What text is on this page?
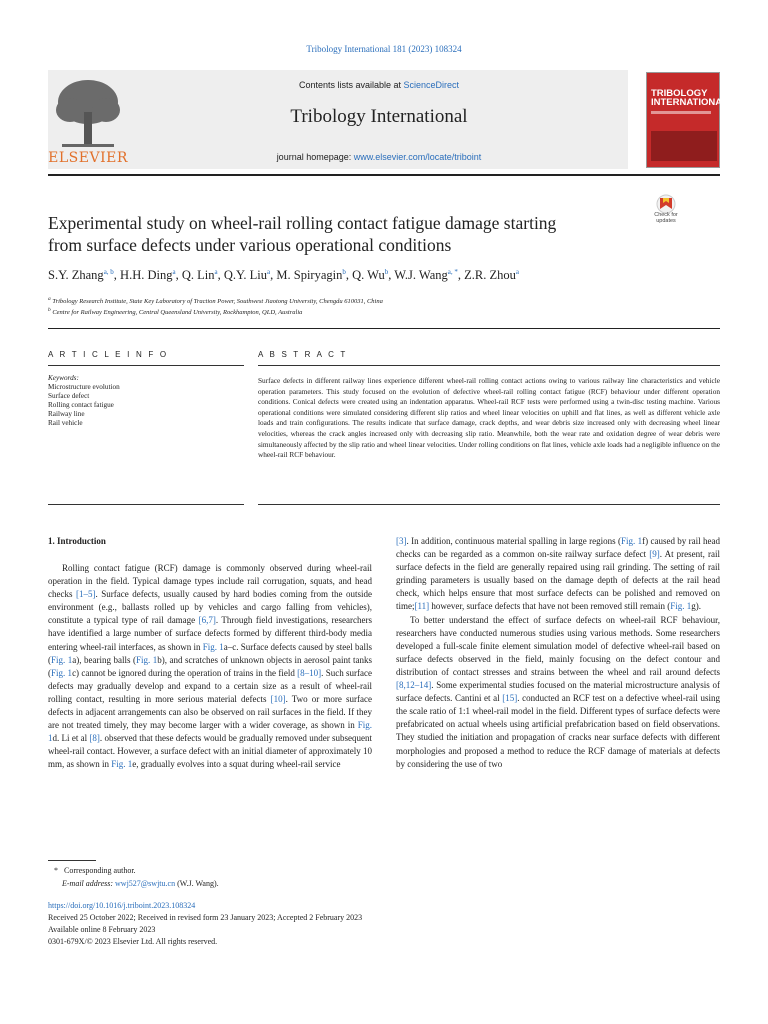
Tribology International 181 (2023) 108324
ELSEVIER
Contents lists available at ScienceDirect
Tribology International
journal homepage: www.elsevier.com/locate/triboint
TRIBOLOGY
INTERNATIONAL
Experimental study on wheel-rail rolling contact fatigue damage starting
from surface defects under various operational conditions
Check for
updates
S.Y. Zhang$^{a, b}$, H.H. Ding$^a$, Q. Lin$^a$, Q.Y. Liu$^a$, M. Spiryagin$^b$, Q. Wu$^b$, W.J. Wang$^{a, *}$, Z.R. Zhou$^a$
$^a$ Tribology Research Institute, State Key Laboratory of Traction Power, Southwest Jiaotong University, Chengdu 610031, China
$^b$ Centre for Railway Engineering, Central Queensland University, Rockhampton, QLD, Australia
A R T I C L E I N F O	A B S T R A C T
Keywords:
Microstructure evolution
Surface defect
Rolling contact fatigue
Railway line
Rail vehicle
Surface defects in different railway lines experience different wheel-rail rolling contact actions owing to various railway line characteristics and vehicle operation parameters. This study focused on the evolution of defective wheel-rail rolling contact fatigue (RCF) behaviour under different operation conditions. Conical defects were created using an indentation apparatus. Wheel-rail RCF tests were performed using a twin-disc testing machine. Various operational conditions were simulated considering different slip ratios and wheel linear velocities on uphill and flat lines, as well as different vehicle axle loads and train configurations. The results indicate that surface damage, crack depths, and wear debris size increased only with decreasing wheel linear velocities, whereas the crack angles increased only with decreasing slip ratio. Meanwhile, both the wear rate and oxidation degree of wear debris were simultaneously affected by the slip ratio and wheel linear velocities. Under rolling conditions on flat lines, vehicle axle loads had a negligible influence on the wheel-rail RCF behaviour.
1. Introduction
Rolling contact fatigue (RCF) damage is commonly observed during wheel-rail operation in the field. Typical damage types include rail corrugation, squats, and head checks [1–5]. Surface defects, usually caused by hard bodies coming from the outside environment (e.g., ballasts rolled up by vehicles and cargo falling from vehicles), constitute a typical type of rail damage [6,7]. Through field investigations, researchers have identified a large number of surface defects formed by different third-body media entering wheel-rail interfaces, as shown in Fig. 1a–c. Surface defects caused by steel balls (Fig. 1a), bearing balls (Fig. 1b), and scratches of unknown objects in aerosol paint tanks (Fig. 1c) cannot be ignored during the operation of trains in the field [8–10]. Such surface defects may gradually develop and expand to a certain size as a result of wheel-rail rolling contact, resulting in more serious material defects [10]. Two or more surface defects in adjacent arrangements can also be observed on rail surfaces in the field. If they are not treated timely, they may become larger with a wider coverage, as shown in Fig. 1d. Li et al [8]. observed that these defects would be gradually removed under subsequent wheel-rail contact. However, a surface defect with an initial diameter of approximately 10 mm, as shown in Fig. 1e, gradually evolves into a squat during wheel-rail service

[3]. In addition, continuous material spalling in large regions (Fig. 1f) caused by rail head checks can be regarded as a common on-site railway surface defect [9]. At present, rail surface defects in the field are generally repaired using rail grinding. The setting of rail grinding parameters is usually based on the damage depth of defects at the rail head check, which helps ensure that most surface defects can be polished and removed on time;[11] however, surface defects that have not been removed still remain (Fig. 1g).

To better understand the effect of surface defects on wheel-rail RCF behaviour, researchers have conducted numerous studies using various methods. Some researchers developed a full-scale finite element simulation model of defective wheel-rail based on surface defects observed in the field, mainly focusing on the defect contour and distribution of contact stresses and strains between the wheel and rail around defects [8,12–14]. Some experimental studies focused on the material microstructure analysis of surface defects. Cantini et al [15]. conducted an RCF test on a defective wheel-rail using the scale ratio of 1:1 wheel-rail model in the field. Different types of surface defects were prefabricated on actual wheels using artificial prefabrication based on field observations. They studied the initiation and propagation of cracks near surface defects with different morphologies and proposed a method to reduce the RCF damage of materials at defects by considering the use of two

* Corresponding author.
E-mail address: wwj527@swjtu.cn (W.J. Wang).
https://doi.org/10.1016/j.triboint.2023.108324
Received 25 October 2022; Received in revised form 23 January 2023; Accepted 2 February 2023
Available online 8 February 2023
0301-679X/© 2023 Elsevier Ltd. All rights reserved.
